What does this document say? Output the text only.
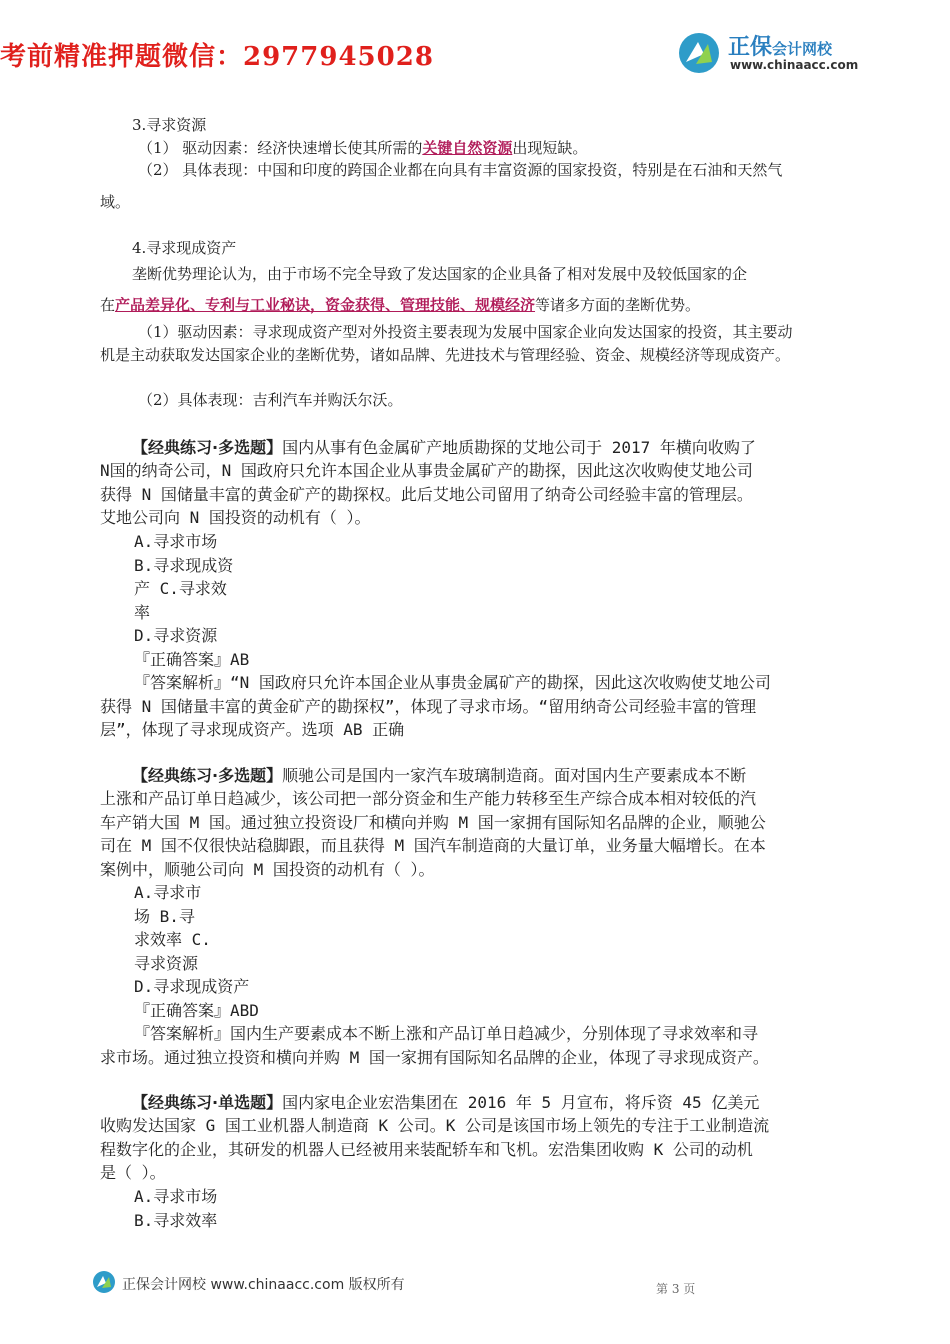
考前精准押题微信：2977945028	正保会计网校
www.chinaacc.com
3.寻求资源
（1） 驱动因素：经济快速增长使其所需的关键自然资源出现短缺。
（2） 具体表现：中国和印度的跨国企业都在向具有丰富资源的国家投资，特别是在石油和天然气
域。
4.寻求现成资产
垄断优势理论认为，由于市场不完全导致了发达国家的企业具备了相对发展中及较低国家的企
在产品差异化、专利与工业秘诀，资金获得、管理技能、规模经济等诸多方面的垄断优势。
（1）驱动因素：寻求现成资产型对外投资主要表现为发展中国家企业向发达国家的投资，其主要动
机是主动获取发达国家企业的垄断优势，诸如品牌、先进技术与管理经验、资金、规模经济等现成资产。
（2）具体表现：吉利汽车并购沃尔沃。
【经典练习·多选题】国内从事有色金属矿产地质勘探的艾地公司于 2017 年横向收购了
N国的纳奇公司，N 国政府只允许本国企业从事贵金属矿产的勘探，因此这次收购使艾地公司
获得 N 国储量丰富的黄金矿产的勘探权。此后艾地公司留用了纳奇公司经验丰富的管理层。
艾地公司向 N 国投资的动机有（ ）。
A.寻求市场
B.寻求现成资
产 C.寻求效
率
D.寻求资源
『正确答案』AB
『答案解析』“N 国政府只允许本国企业从事贵金属矿产的勘探，因此这次收购使艾地公司
获得 N 国储量丰富的黄金矿产的勘探权”，体现了寻求市场。“留用纳奇公司经验丰富的管理
层”，体现了寻求现成资产。选项 AB 正确
【经典练习·多选题】顺驰公司是国内一家汽车玻璃制造商。面对国内生产要素成本不断
上涨和产品订单日趋减少，该公司把一部分资金和生产能力转移至生产综合成本相对较低的汽
车产销大国 M 国。通过独立投资设厂和横向并购 M 国一家拥有国际知名品牌的企业，顺驰公
司在 M 国不仅很快站稳脚跟，而且获得 M 国汽车制造商的大量订单，业务量大幅增长。在本
案例中，顺驰公司向 M 国投资的动机有（ ）。
A.寻求市
场 B.寻
求效率 C.
寻求资源
D.寻求现成资产
『正确答案』ABD
『答案解析』国内生产要素成本不断上涨和产品订单日趋减少，分别体现了寻求效率和寻
求市场。通过独立投资和横向并购 M 国一家拥有国际知名品牌的企业，体现了寻求现成资产。
【经典练习·单选题】国内家电企业宏浩集团在 2016 年 5 月宣布，将斥资 45 亿美元
收购发达国家 G 国工业机器人制造商 K 公司。K 公司是该国市场上领先的专注于工业制造流
程数字化的企业，其研发的机器人已经被用来装配轿车和飞机。宏浩集团收购 K 公司的动机
是（ ）。
A.寻求市场
B.寻求效率
正保会计网校 www.chinaacc.com 版权所有	第 3 页
